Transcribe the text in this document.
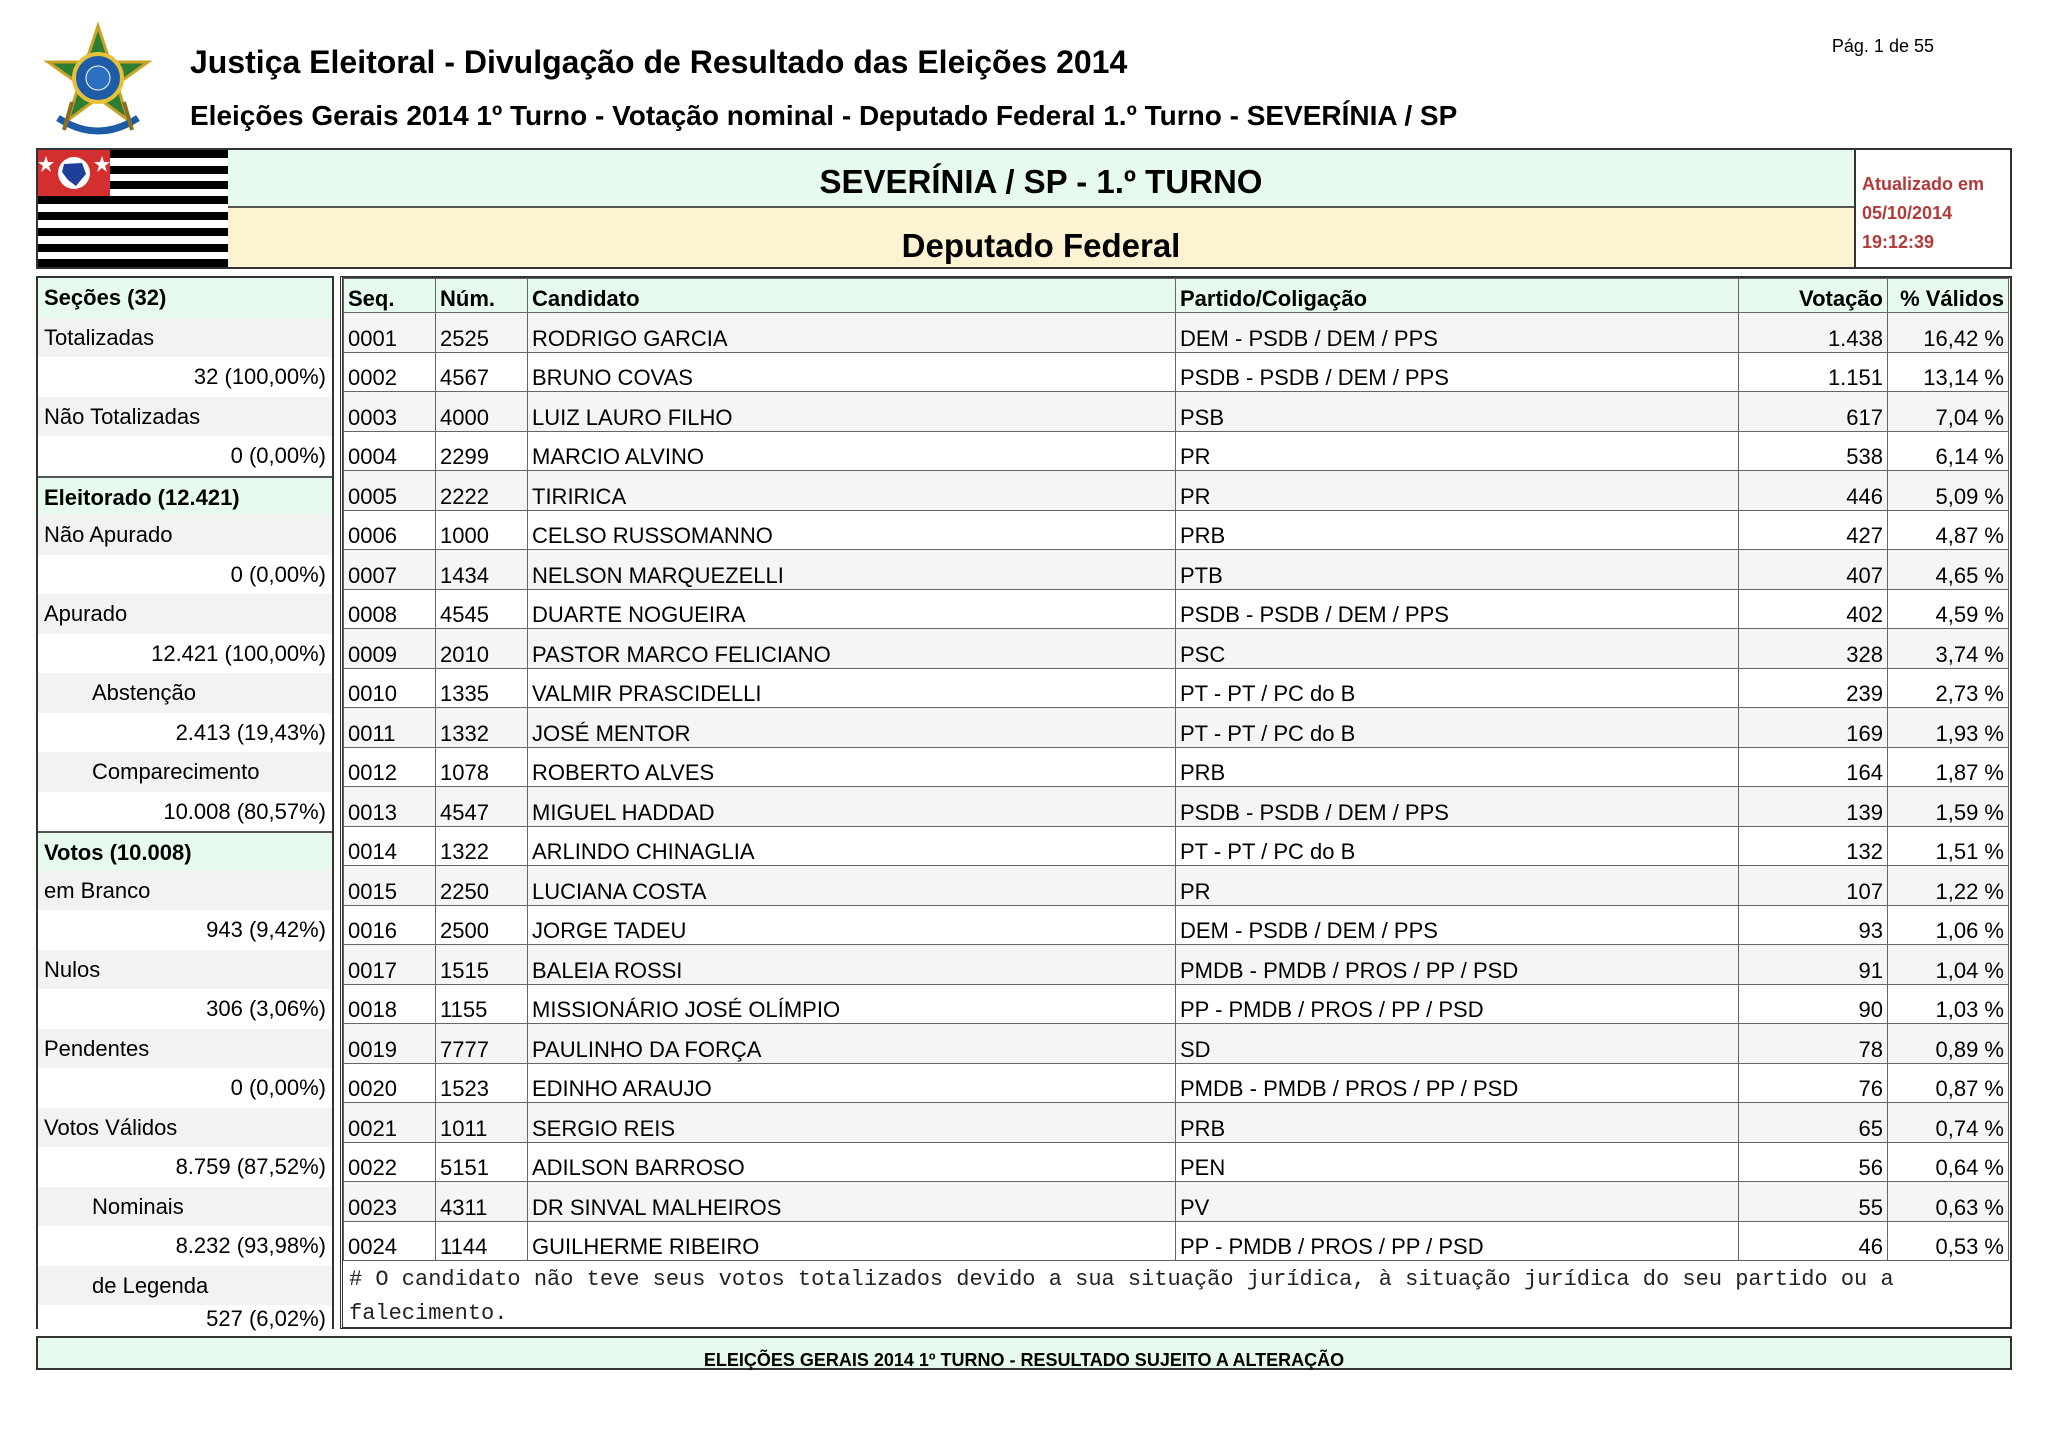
Justiça Eleitoral - Divulgação de Resultado das Eleições 2014
Eleições Gerais 2014 1º Turno - Votação nominal - Deputado Federal 1.º Turno - SEVERÍNIA / SP
Pág. 1 de 55
SEVERÍNIA / SP - 1.º TURNO
Deputado Federal
Atualizado em
05/10/2014
19:12:39
Seções (32)
Totalizadas
32 (100,00%)
Não Totalizadas
0 (0,00%)
Eleitorado (12.421)
Não Apurado
0 (0,00%)
Apurado
12.421 (100,00%)
Abstenção
2.413 (19,43%)
Comparecimento
10.008 (80,57%)
Votos (10.008)
em Branco
943 (9,42%)
Nulos
306 (3,06%)
Pendentes
0 (0,00%)
Votos Válidos
8.759 (87,52%)
Nominais
8.232 (93,98%)
de Legenda
527 (6,02%)
Seq.	Núm.	Candidato	Partido/Coligação	Votação	% Válidos
0001	2525	RODRIGO GARCIA	DEM - PSDB / DEM / PPS	1.438	16,42 %
0002	4567	BRUNO COVAS	PSDB - PSDB / DEM / PPS	1.151	13,14 %
0003	4000	LUIZ LAURO FILHO	PSB	617	7,04 %
0004	2299	MARCIO ALVINO	PR	538	6,14 %
0005	2222	TIRIRICA	PR	446	5,09 %
0006	1000	CELSO RUSSOMANNO	PRB	427	4,87 %
0007	1434	NELSON MARQUEZELLI	PTB	407	4,65 %
0008	4545	DUARTE NOGUEIRA	PSDB - PSDB / DEM / PPS	402	4,59 %
0009	2010	PASTOR MARCO FELICIANO	PSC	328	3,74 %
0010	1335	VALMIR PRASCIDELLI	PT - PT / PC do B	239	2,73 %
0011	1332	JOSÉ MENTOR	PT - PT / PC do B	169	1,93 %
0012	1078	ROBERTO ALVES	PRB	164	1,87 %
0013	4547	MIGUEL HADDAD	PSDB - PSDB / DEM / PPS	139	1,59 %
0014	1322	ARLINDO CHINAGLIA	PT - PT / PC do B	132	1,51 %
0015	2250	LUCIANA COSTA	PR	107	1,22 %
0016	2500	JORGE TADEU	DEM - PSDB / DEM / PPS	93	1,06 %
0017	1515	BALEIA ROSSI	PMDB - PMDB / PROS / PP / PSD	91	1,04 %
0018	1155	MISSIONÁRIO JOSÉ OLÍMPIO	PP - PMDB / PROS / PP / PSD	90	1,03 %
0019	7777	PAULINHO DA FORÇA	SD	78	0,89 %
0020	1523	EDINHO ARAUJO	PMDB - PMDB / PROS / PP / PSD	76	0,87 %
0021	1011	SERGIO REIS	PRB	65	0,74 %
0022	5151	ADILSON BARROSO	PEN	56	0,64 %
0023	4311	DR SINVAL MALHEIROS	PV	55	0,63 %
0024	1144	GUILHERME RIBEIRO	PP - PMDB / PROS / PP / PSD	46	0,53 %
# O candidato não teve seus votos totalizados devido a sua situação jurídica, à situação jurídica do seu partido ou a falecimento.
ELEIÇÕES GERAIS 2014 1º TURNO - RESULTADO SUJEITO A ALTERAÇÃO
